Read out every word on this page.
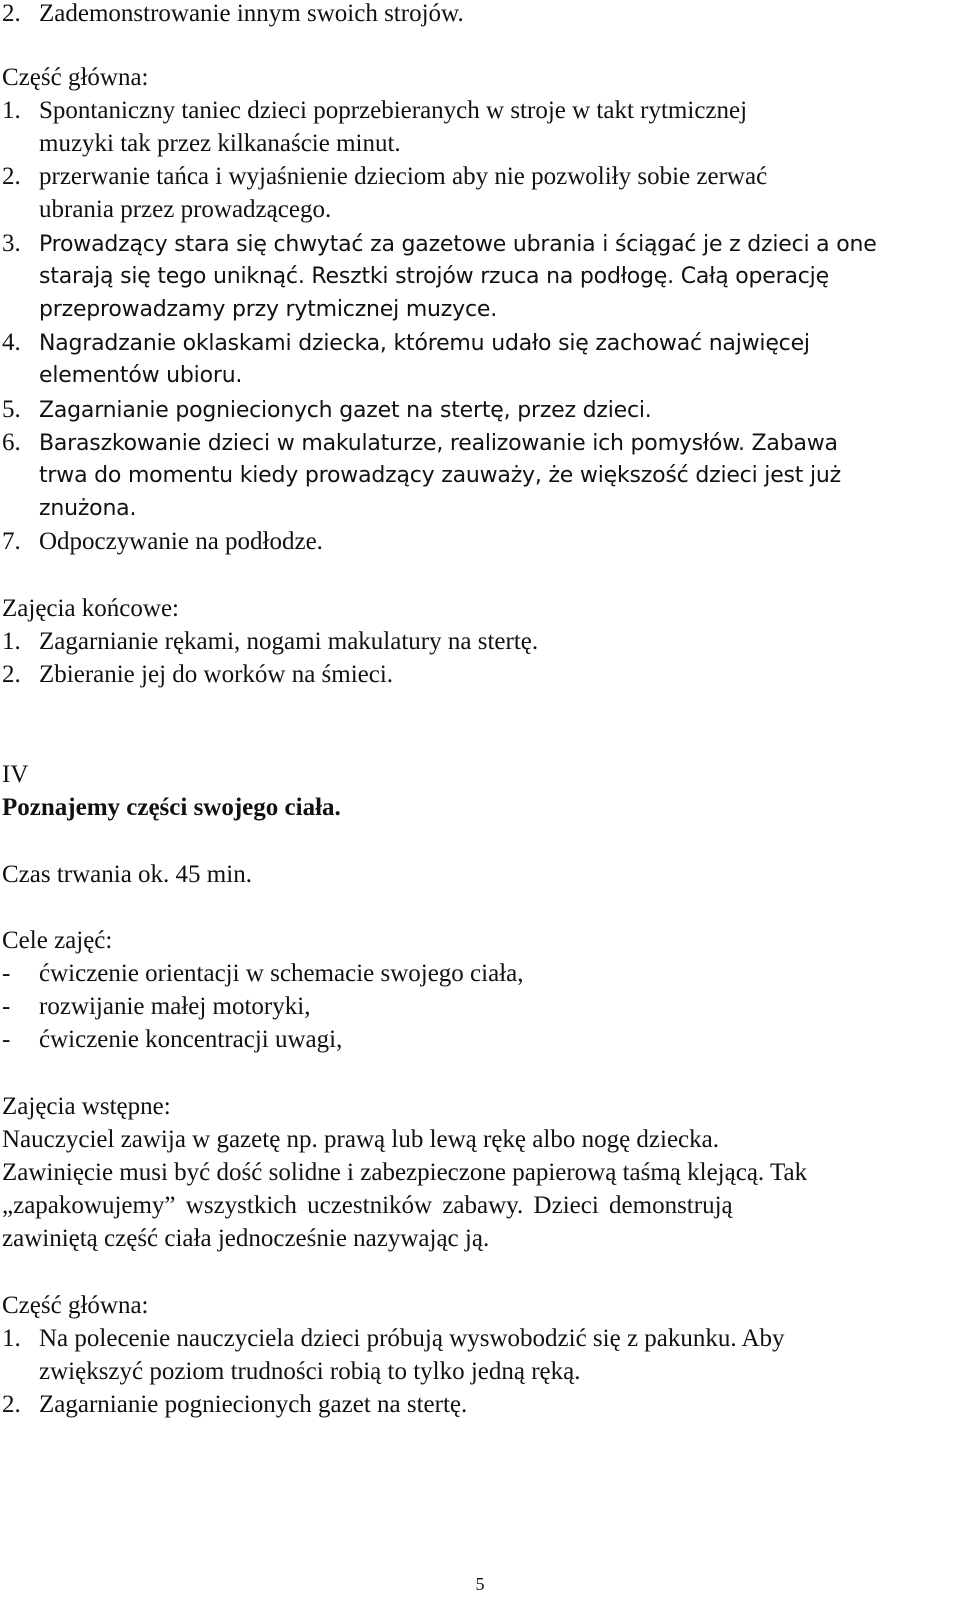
2. Zademonstrowanie innym swoich strojów.
Część główna:
1. Spontaniczny taniec dzieci poprzebieranych w stroje w takt rytmicznej
muzyki tak przez kilkanaście minut.
2. przerwanie tańca i wyjaśnienie dzieciom aby nie pozwoliły sobie zerwać
ubrania przez prowadzącego.
3. Prowadzący stara się chwytać za gazetowe ubrania i ściągać je z dzieci a one
starają się tego uniknąć. Resztki strojów rzuca na podłogę. Całą operację
przeprowadzamy przy rytmicznej muzyce.
4. Nagradzanie oklaskami dziecka, któremu udało się zachować najwięcej
elementów ubioru.
5. Zagarnianie pogniecionych gazet na stertę, przez dzieci.
6. Baraszkowanie dzieci w makulaturze, realizowanie ich pomysłów. Zabawa
trwa do momentu kiedy prowadzący zauważy, że większość dzieci jest już
znużona.
7. Odpoczywanie na podłodze.
Zajęcia końcowe:
1. Zagarnianie rękami, nogami makulatury na stertę.
2. Zbieranie jej do worków na śmieci.
IV
Poznajemy części swojego ciała.
Czas trwania ok. 45 min.
Cele zajęć:
- ćwiczenie orientacji w schemacie swojego ciała,
- rozwijanie małej motoryki,
- ćwiczenie koncentracji uwagi,
Zajęcia wstępne:
Nauczyciel zawija w gazetę np. prawą lub lewą rękę albo nogę dziecka.
Zawinięcie musi być dość solidne i zabezpieczone papierową taśmą klejącą. Tak
„zapakowujemy” wszystkich uczestników zabawy. Dzieci demonstrują
zawiniętą część ciała jednocześnie nazywając ją.
Część główna:
1. Na polecenie nauczyciela dzieci próbują wyswobodzić się z pakunku. Aby
zwiększyć poziom trudności robią to tylko jedną ręką.
2. Zagarnianie pogniecionych gazet na stertę.
5
